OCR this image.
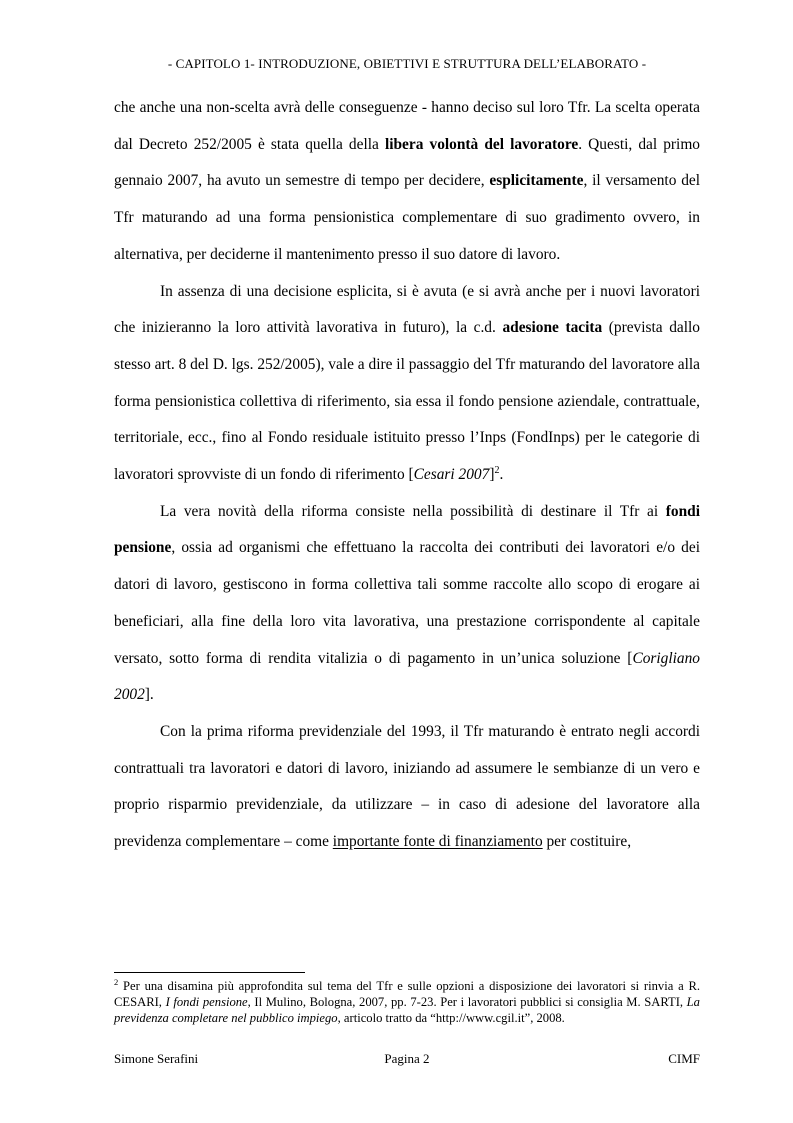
- CAPITOLO 1- INTRODUZIONE, OBIETTIVI E STRUTTURA DELL’ELABORATO -

che anche una non-scelta avrà delle conseguenze - hanno deciso sul loro Tfr. La scelta operata dal Decreto 252/2005 è stata quella della libera volontà del lavoratore. Questi, dal primo gennaio 2007, ha avuto un semestre di tempo per decidere, esplicitamente, il versamento del Tfr maturando ad una forma pensionistica complementare di suo gradimento ovvero, in alternativa, per deciderne il mantenimento presso il suo datore di lavoro.

In assenza di una decisione esplicita, si è avuta (e si avrà anche per i nuovi lavoratori che inizieranno la loro attività lavorativa in futuro), la c.d. adesione tacita (prevista dallo stesso art. 8 del D. lgs. 252/2005), vale a dire il passaggio del Tfr maturando del lavoratore alla forma pensionistica collettiva di riferimento, sia essa il fondo pensione aziendale, contrattuale, territoriale, ecc., fino al Fondo residuale istituito presso l’Inps (FondInps) per le categorie di lavoratori sprovviste di un fondo di riferimento [Cesari 2007]$^2$.

La vera novità della riforma consiste nella possibilità di destinare il Tfr ai fondi pensione, ossia ad organismi che effettuano la raccolta dei contributi dei lavoratori e/o dei datori di lavoro, gestiscono in forma collettiva tali somme raccolte allo scopo di erogare ai beneficiari, alla fine della loro vita lavorativa, una prestazione corrispondente al capitale versato, sotto forma di rendita vitalizia o di pagamento in un’unica soluzione [Corigliano 2002].

Con la prima riforma previdenziale del 1993, il Tfr maturando è entrato negli accordi contrattuali tra lavoratori e datori di lavoro, iniziando ad assumere le sembianze di un vero e proprio risparmio previdenziale, da utilizzare – in caso di adesione del lavoratore alla previdenza complementare – come importante fonte di finanziamento per costituire,

$^2$ Per una disamina più approfondita sul tema del Tfr e sulle opzioni a disposizione dei lavoratori si rinvia a R. CESARI, I fondi pensione, Il Mulino, Bologna, 2007, pp. 7-23. Per i lavoratori pubblici si consiglia M. SARTI, La previdenza completare nel pubblico impiego, articolo tratto da “http://www.cgil.it”, 2008.
Simone Serafini	Pagina 2	CIMF
